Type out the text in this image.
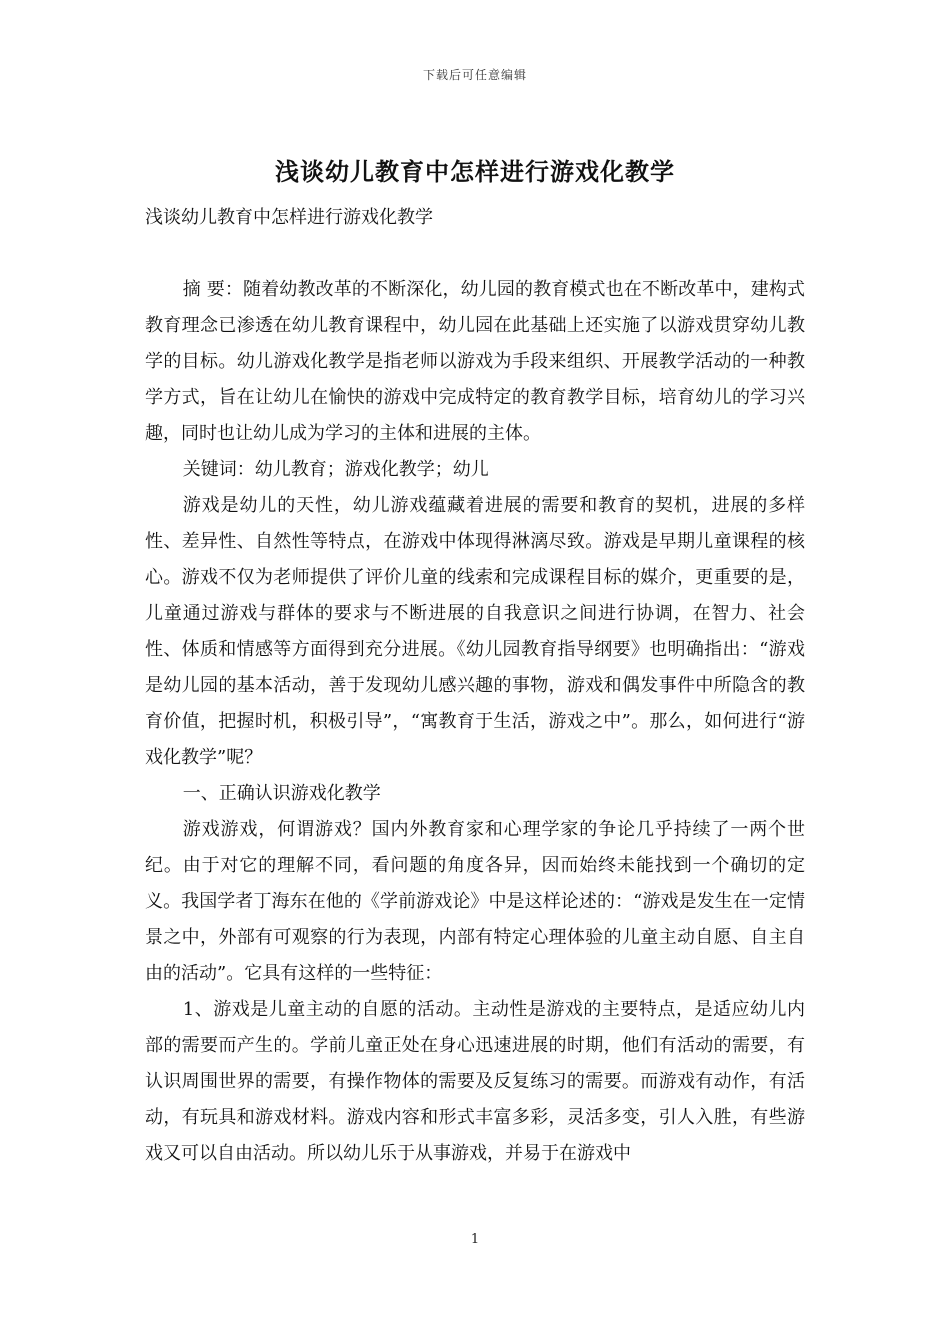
下载后可任意编辑
浅谈幼儿教育中怎样进行游戏化教学

浅谈幼儿教育中怎样进行游戏化教学

摘 要：随着幼教改革的不断深化，幼儿园的教育模式也在不断改革中，建构式教育理念已渗透在幼儿教育课程中，幼儿园在此基础上还实施了以游戏贯穿幼儿教学的目标。幼儿游戏化教学是指老师以游戏为手段来组织、开展教学活动的一种教学方式，旨在让幼儿在愉快的游戏中完成特定的教育教学目标，培育幼儿的学习兴趣，同时也让幼儿成为学习的主体和进展的主体。

关键词：幼儿教育；游戏化教学；幼儿

游戏是幼儿的天性，幼儿游戏蕴藏着进展的需要和教育的契机，进展的多样性、差异性、自然性等特点，在游戏中体现得淋漓尽致。游戏是早期儿童课程的核心。游戏不仅为老师提供了评价儿童的线索和完成课程目标的媒介，更重要的是，儿童通过游戏与群体的要求与不断进展的自我意识之间进行协调，在智力、社会性、体质和情感等方面得到充分进展。《幼儿园教育指导纲要》也明确指出：“游戏是幼儿园的基本活动，善于发现幼儿感兴趣的事物，游戏和偶发事件中所隐含的教育价值，把握时机，积极引导”，“寓教育于生活，游戏之中”。那么，如何进行“游戏化教学”呢？

一、正确认识游戏化教学

游戏游戏，何谓游戏？国内外教育家和心理学家的争论几乎持续了一两个世纪。由于对它的理解不同，看问题的角度各异，因而始终未能找到一个确切的定义。我国学者丁海东在他的《学前游戏论》中是这样论述的：“游戏是发生在一定情景之中，外部有可观察的行为表现，内部有特定心理体验的儿童主动自愿、自主自由的活动”。它具有这样的一些特征：

1、游戏是儿童主动的自愿的活动。主动性是游戏的主要特点，是适应幼儿内部的需要而产生的。学前儿童正处在身心迅速进展的时期，他们有活动的需要，有认识周围世界的需要，有操作物体的需要及反复练习的需要。而游戏有动作，有活动，有玩具和游戏材料。游戏内容和形式丰富多彩，灵活多变，引人入胜，有些游戏又可以自由活动。所以幼儿乐于从事游戏，并易于在游戏中

1
